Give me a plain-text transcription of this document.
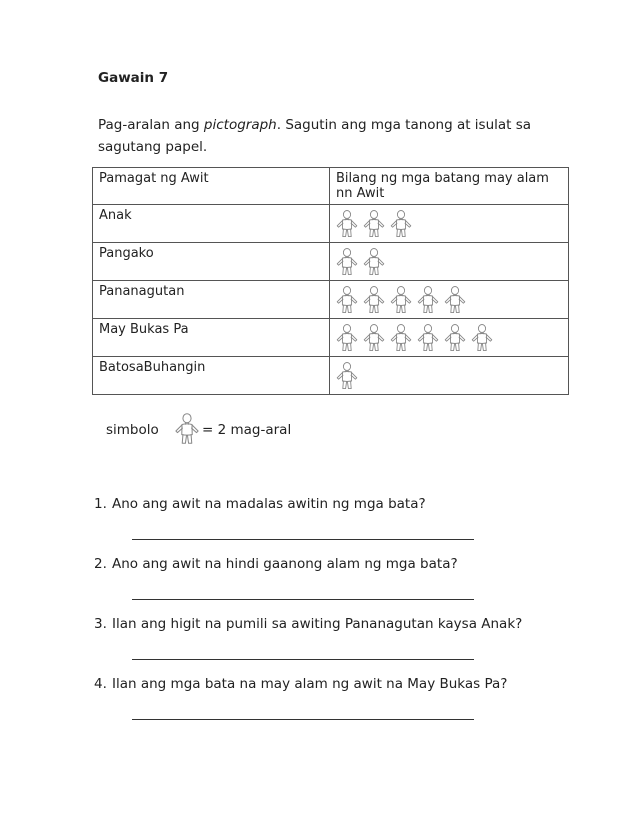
Gawain 7
Pag-aralan ang pictograph. Sagutin ang mga tanong at isulat sa sagutang papel.
Pamagat ng Awit	Bilang ng mga batang may alam nn Awit
Anak	
Pangako	
Pananagutan	
May Bukas Pa	
BatosaBuhangin	
simbolo	= 2 mag-aral
1. Ano ang awit na madalas awitin ng mga bata?
2. Ano ang awit na hindi gaanong alam ng mga bata?
3. Ilan ang higit na pumili sa awiting Pananagutan kaysa Anak?
4. Ilan ang mga bata na may alam ng awit na May Bukas Pa?
